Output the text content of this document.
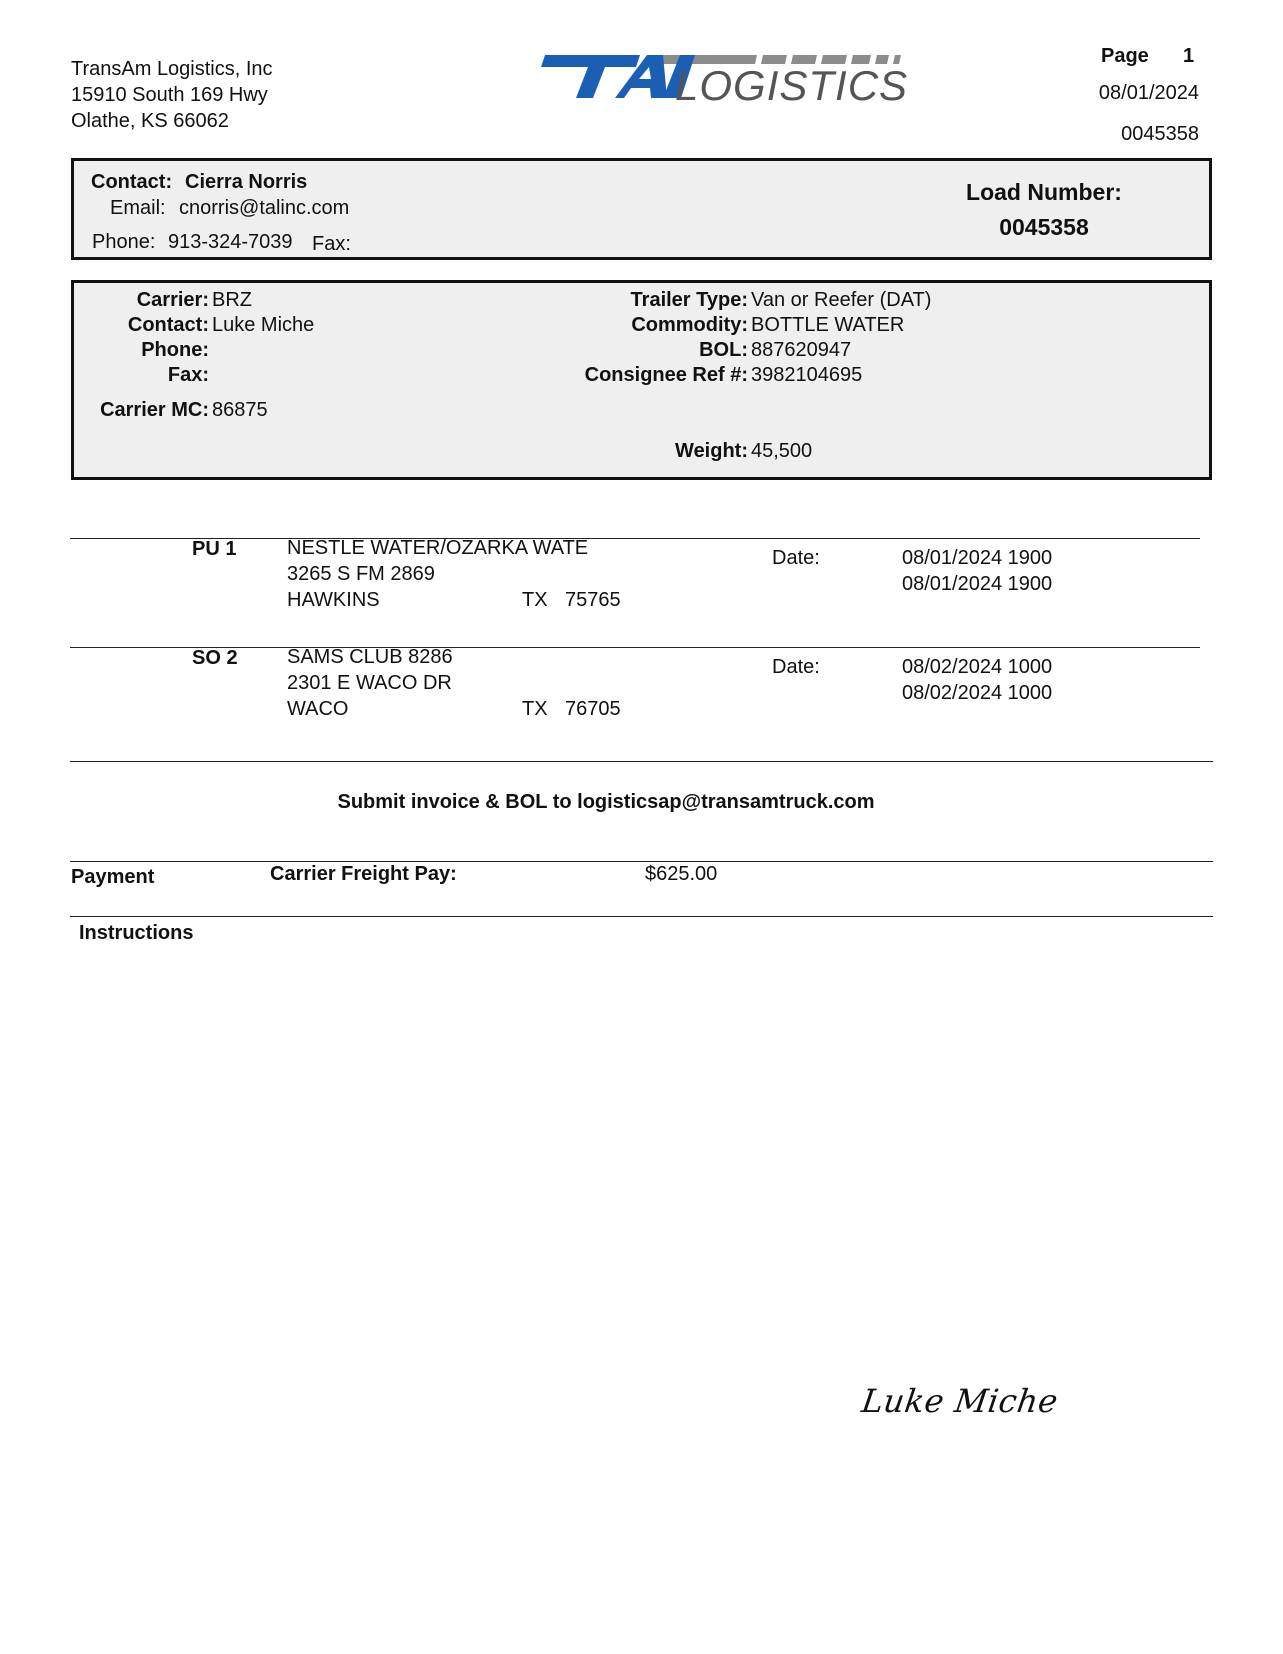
TransAm Logistics, Inc
15910 South 169 Hwy
Olathe, KS 66062
LOGISTICS
Page 1
08/01/2024
0045358
Contact: Cierra Norris
Email: cnorris@talinc.com
Phone: 913-324-7039 Fax:
Load Number:
0045358
Carrier: BRZ
Contact: Luke Miche
Phone:
Fax:
Carrier MC: 86875
Trailer Type: Van or Reefer (DAT)
Commodity: BOTTLE WATER
BOL: 887620947
Consignee Ref #: 3982104695
Weight: 45,500
PU 1	NESTLE WATER/OZARKA WATE
3265 S FM 2869
HAWKINS	TX 75765
Date:	08/01/2024 1900
08/01/2024 1900
SO 2 SAMS CLUB 8286
2301 E WACO DR
WACO	TX 76705
Date:	08/02/2024 1000
08/02/2024 1000
Submit invoice & BOL to logisticsap@transamtruck.com
Payment	Carrier Freight Pay:	$625.00
Instructions
Luke Miche
